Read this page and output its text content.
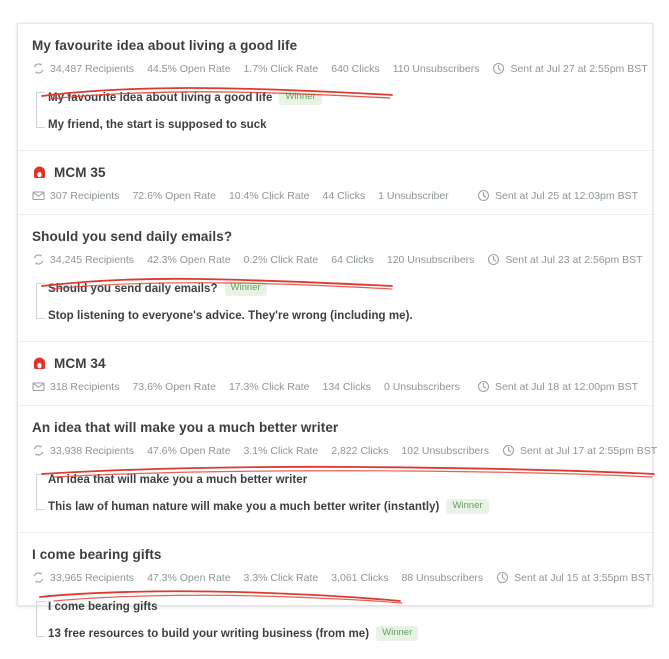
My favourite idea about living a good life
34,487 Recipients 44.5% Open Rate 1.7% Click Rate 640 Clicks 110 Unsubscribers	Sent at Jul 27 at 2:55pm BST
My favourite idea about living a good life	Winner
My friend, the start is supposed to suck
MCM 35
307 Recipients 72.6% Open Rate 10.4% Click Rate 44 Clicks 1 Unsubscriber	Sent at Jul 25 at 12:03pm BST
Should you send daily emails?
34,245 Recipients 42.3% Open Rate 0.2% Click Rate 64 Clicks 120 Unsubscribers	Sent at Jul 23 at 2:56pm BST
Should you send daily emails?	Winner
Stop listening to everyone's advice. They're wrong (including me).
MCM 34
318 Recipients 73.6% Open Rate 17.3% Click Rate 134 Clicks 0 Unsubscribers	Sent at Jul 18 at 12:00pm BST
An idea that will make you a much better writer
33,938 Recipients 47.6% Open Rate 3.1% Click Rate 2,822 Clicks 102 Unsubscribers	Sent at Jul 17 at 2:55pm BST
An idea that will make you a much better writer
This law of human nature will make you a much better writer (instantly)	Winner
I come bearing gifts
33,965 Recipients 47.3% Open Rate 3.3% Click Rate 3,061 Clicks 88 Unsubscribers	Sent at Jul 15 at 3:55pm BST
I come bearing gifts
13 free resources to build your writing business (from me)	Winner
